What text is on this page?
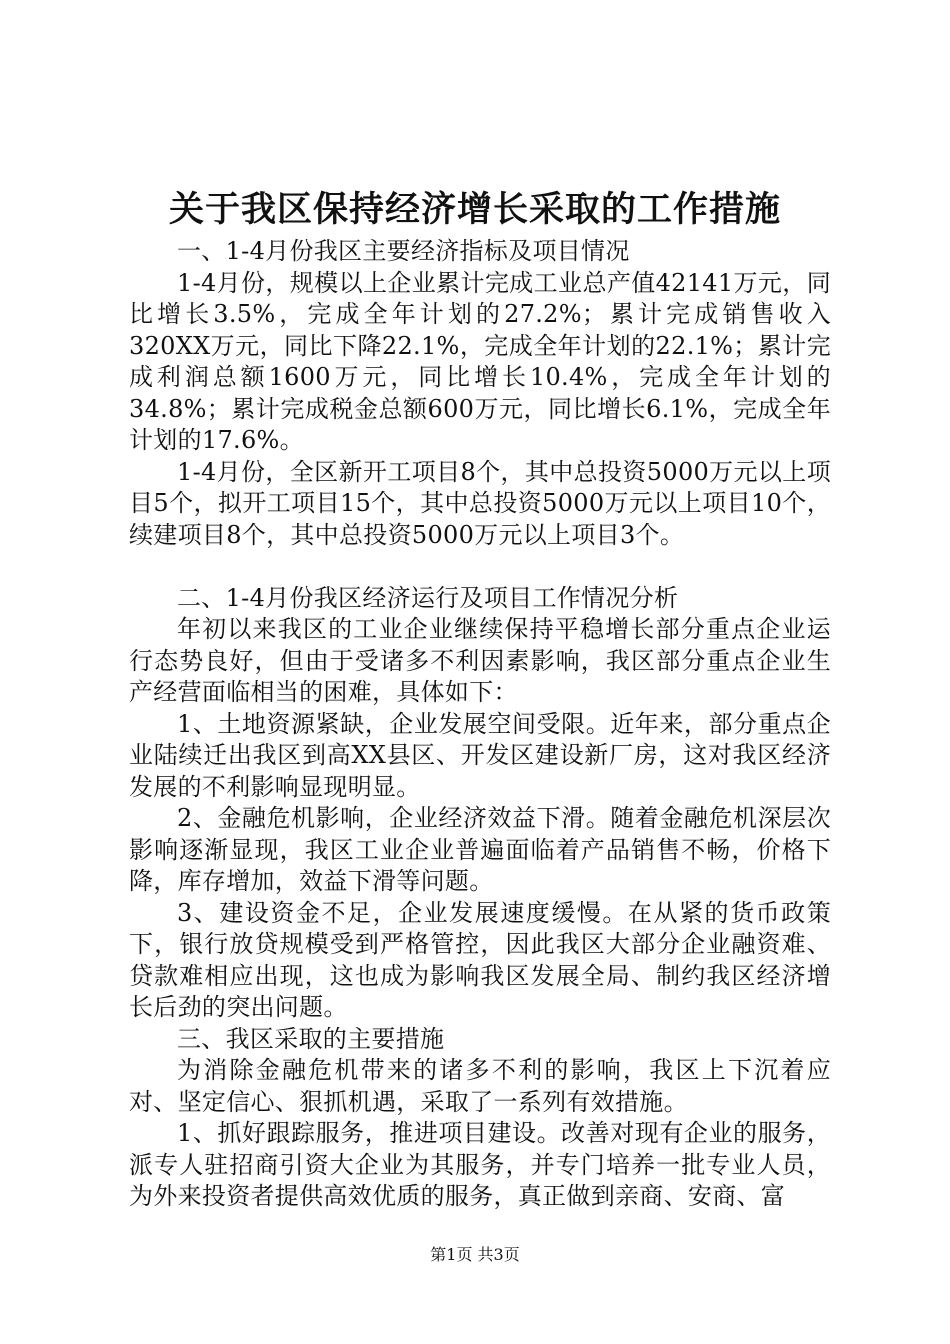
关于我区保持经济增长采取的工作措施

一、1-4月份我区主要经济指标及项目情况

1-4月份，规模以上企业累计完成工业总产值42141万元，同比增长3.5%，完成全年计划的27.2%；累计完成销售收入320XX万元，同比下降22.1%，完成全年计划的22.1%；累计完成利润总额1600万元，同比增长10.4%，完成全年计划的34.8%；累计完成税金总额600万元，同比增长6.1%，完成全年计划的17.6%。

1-4月份，全区新开工项目8个，其中总投资5000万元以上项目5个，拟开工项目15个，其中总投资5000万元以上项目10个，续建项目8个，其中总投资5000万元以上项目3个。

二、1-4月份我区经济运行及项目工作情况分析

年初以来我区的工业企业继续保持平稳增长部分重点企业运行态势良好，但由于受诸多不利因素影响，我区部分重点企业生产经营面临相当的困难，具体如下：

1、土地资源紧缺，企业发展空间受限。近年来，部分重点企业陆续迁出我区到高XX县区、开发区建设新厂房，这对我区经济发展的不利影响显现明显。

2、金融危机影响，企业经济效益下滑。随着金融危机深层次影响逐渐显现，我区工业企业普遍面临着产品销售不畅，价格下降，库存增加，效益下滑等问题。

3、建设资金不足，企业发展速度缓慢。在从紧的货币政策下，银行放贷规模受到严格管控，因此我区大部分企业融资难、贷款难相应出现，这也成为影响我区发展全局、制约我区经济增长后劲的突出问题。

三、我区采取的主要措施

为消除金融危机带来的诸多不利的影响，我区上下沉着应对、坚定信心、狠抓机遇，采取了一系列有效措施。

1、抓好跟踪服务，推进项目建设。改善对现有企业的服务，派专人驻招商引资大企业为其服务，并专门培养一批专业人员，为外来投资者提供高效优质的服务，真正做到亲商、安商、富

第1页 共3页
